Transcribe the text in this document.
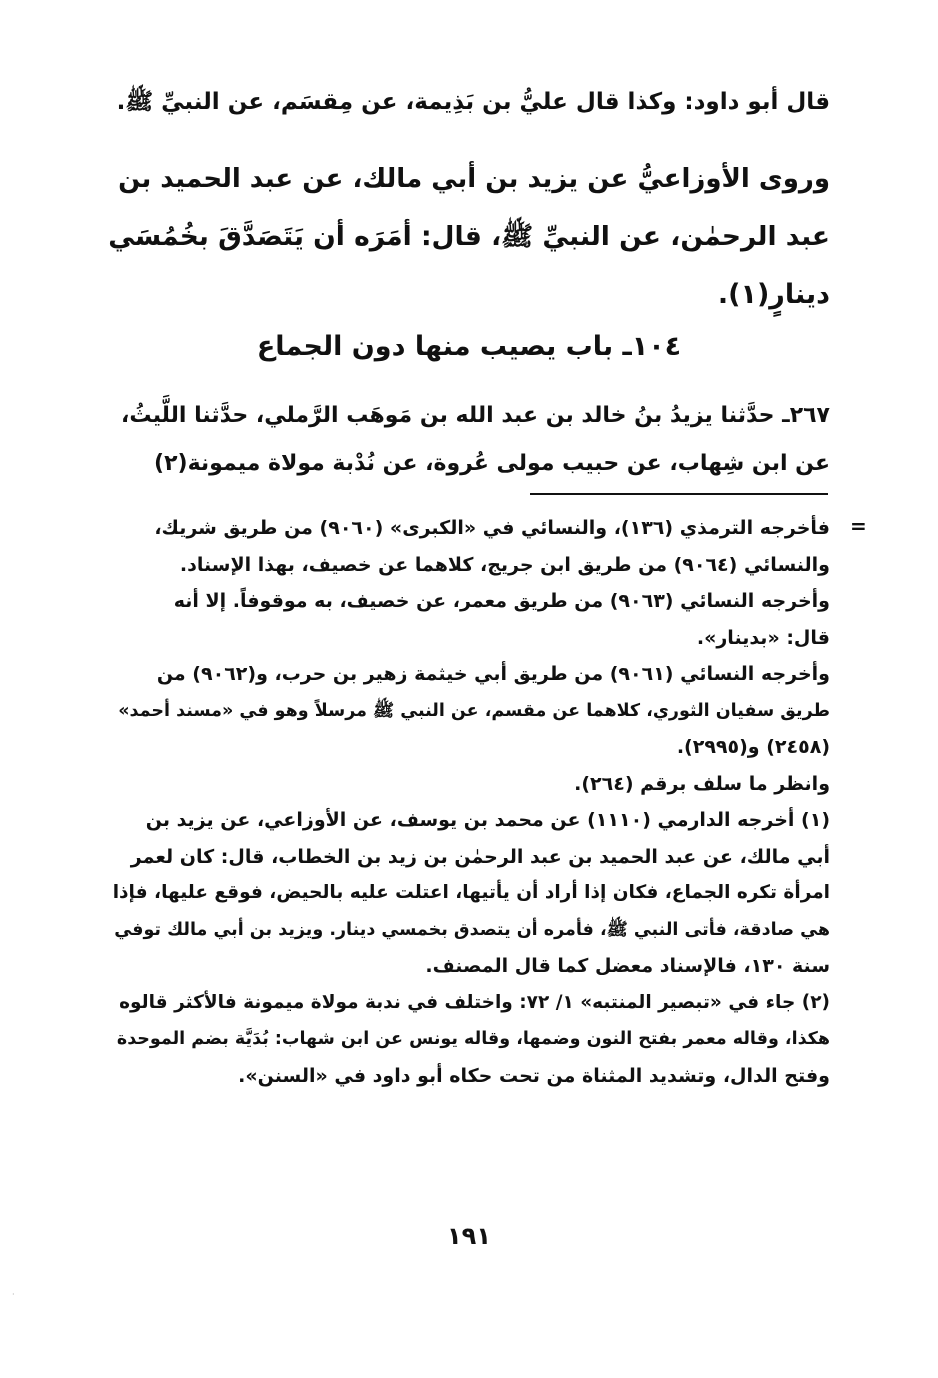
قال أبو داود: وكذا قال عليُّ بن بَذِيمة، عن مِقسَم، عن النبيِّ ﷺ.
وروى الأوزاعيُّ عن يزيد بن أبي مالك، عن عبد الحميد بن
عبد الرحمٰن، عن النبيِّ ﷺ، قال: أمَرَه أن يَتَصَدَّقَ بخُمُسَي
دينارٍ(١).
١٠٤ـ باب يصيب منها دون الجماع
٢٦٧ـ حدَّثنا يزيدُ بنُ خالد بن عبد الله بن مَوهَب الرَّملي، حدَّثنا اللَّيثُ،
عن ابن شِهاب، عن حبيب مولى عُروة، عن نُدْبة مولاة ميمونة(٢)
=
فأخرجه الترمذي (١٣٦)، والنسائي في «الكبرى» (٩٠٦٠) من طريق شريك،
والنسائي (٩٠٦٤) من طريق ابن جريج، كلاهما عن خصيف، بهذا الإسناد.
وأخرجه النسائي (٩٠٦٣) من طريق معمر، عن خصيف، به موقوفاً. إلا أنه
قال: «بدينار».
وأخرجه النسائي (٩٠٦١) من طريق أبي خيثمة زهير بن حرب، و(٩٠٦٢) من
طريق سفيان الثوري، كلاهما عن مقسم، عن النبي ﷺ مرسلاً وهو في «مسند أحمد»
(٢٤٥٨) و(٢٩٩٥).
وانظر ما سلف برقم (٢٦٤).
(١) أخرجه الدارمي (١١١٠) عن محمد بن يوسف، عن الأوزاعي، عن يزيد بن
أبي مالك، عن عبد الحميد بن عبد الرحمٰن بن زيد بن الخطاب، قال: كان لعمر
امرأة تكره الجماع، فكان إذا أراد أن يأتيها، اعتلت عليه بالحيض، فوقع عليها، فإذا
هي صادقة، فأتى النبي ﷺ، فأمره أن يتصدق بخمسي دينار. ويزيد بن أبي مالك توفي
سنة ١٣٠، فالإسناد معضل كما قال المصنف.
(٢) جاء في «تبصير المنتبه» ١/ ٧٢: واختلف في ندبة مولاة ميمونة فالأكثر قالوه
هكذا، وقاله معمر بفتح النون وضمها، وقاله يونس عن ابن شهاب: بُدَيَّة بضم الموحدة
وفتح الدال، وتشديد المثناة من تحت حكاه أبو داود في «السنن».
١٩١
·
